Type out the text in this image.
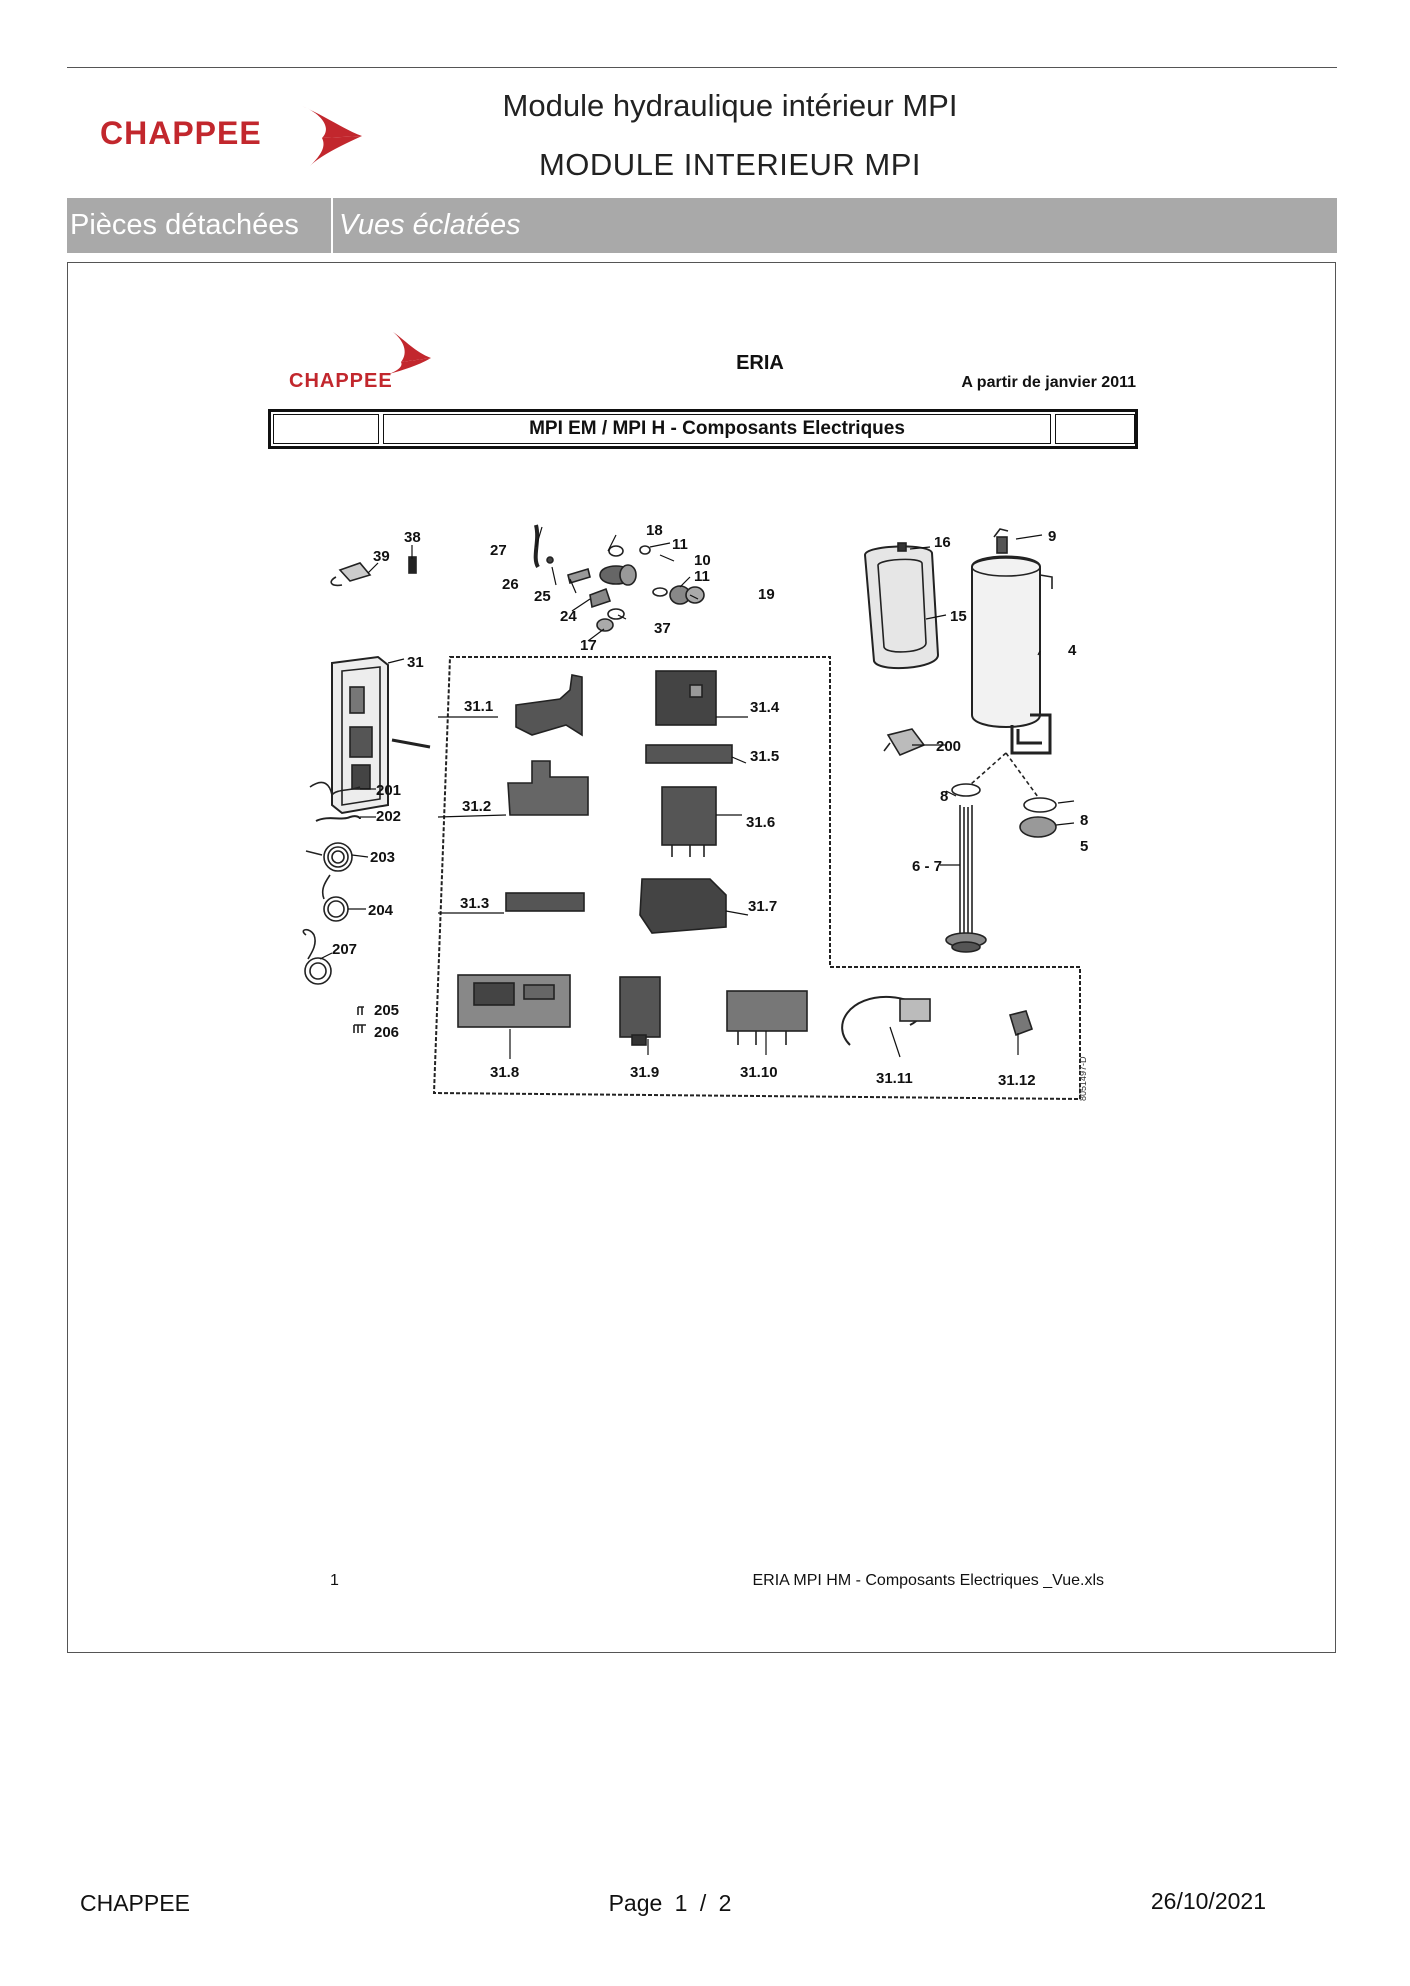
CHAPPEE
Module hydraulique intérieur MPI
MODULE INTERIEUR MPI
Pièces détachées	Vues éclatées
CHAPPEE
ERIA
A partir de janvier 2011
MPI EM / MPI H - Composants Electriques
38
39	27
18
11
10
26
25
11
19
24
37
17
16	9
15
4
31
31.1
31.2
31.3
31.4
31.5
31.6
31.7
31.8	31.9	31.10	31.11	31.12
200
8
8
5
6 - 7
201
202
203
204
207
205
206
8051497-D
1	ERIA MPI HM - Composants Electriques _Vue.xls
CHAPPEE	Page 1 / 2	26/10/2021
